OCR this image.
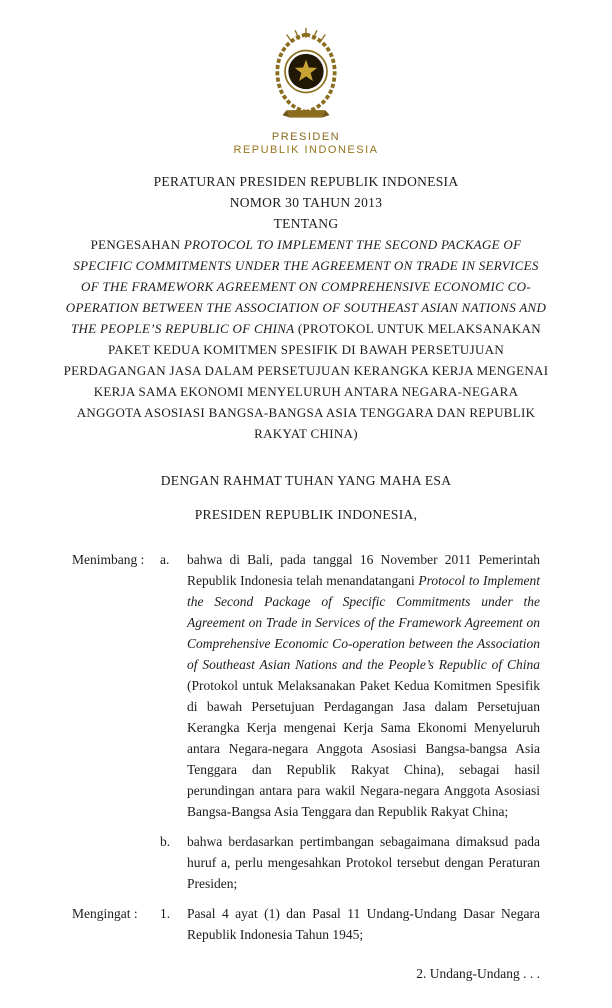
PRESIDEN
REPUBLIK INDONESIA
PERATURAN PRESIDEN REPUBLIK INDONESIA
NOMOR 30 TAHUN 2013
TENTANG
PENGESAHAN PROTOCOL TO IMPLEMENT THE SECOND PACKAGE OF SPECIFIC COMMITMENTS UNDER THE AGREEMENT ON TRADE IN SERVICES OF THE FRAMEWORK AGREEMENT ON COMPREHENSIVE ECONOMIC CO-OPERATION BETWEEN THE ASSOCIATION OF SOUTHEAST ASIAN NATIONS AND THE PEOPLE’S REPUBLIC OF CHINA (PROTOKOL UNTUK MELAKSANAKAN PAKET KEDUA KOMITMEN SPESIFIK DI BAWAH PERSETUJUAN PERDAGANGAN JASA DALAM PERSETUJUAN KERANGKA KERJA MENGENAI KERJA SAMA EKONOMI MENYELURUH ANTARA NEGARA-NEGARA ANGGOTA ASOSIASI BANGSA-BANGSA ASIA TENGGARA DAN REPUBLIK RAKYAT CHINA)
DENGAN RAHMAT TUHAN YANG MAHA ESA
PRESIDEN REPUBLIK INDONESIA,
Menimbang :	a.	bahwa di Bali, pada tanggal 16 November 2011 Pemerintah Republik Indonesia telah menandatangani Protocol to Implement the Second Package of Specific Commitments under the Agreement on Trade in Services of the Framework Agreement on Comprehensive Economic Co-operation between the Association of Southeast Asian Nations and the People’s Republic of China (Protokol untuk Melaksanakan Paket Kedua Komitmen Spesifik di bawah Persetujuan Perdagangan Jasa dalam Persetujuan Kerangka Kerja mengenai Kerja Sama Ekonomi Menyeluruh antara Negara-negara Anggota Asosiasi Bangsa-bangsa Asia Tenggara dan Republik Rakyat China), sebagai hasil perundingan antara para wakil Negara-negara Anggota Asosiasi Bangsa-Bangsa Asia Tenggara dan Republik Rakyat China;
b.	bahwa berdasarkan pertimbangan sebagaimana dimaksud pada huruf a, perlu mengesahkan Protokol tersebut dengan Peraturan Presiden;
Mengingat :	1.	Pasal 4 ayat (1) dan Pasal 11 Undang-Undang Dasar Negara Republik Indonesia Tahun 1945;
2. Undang-Undang . . .
